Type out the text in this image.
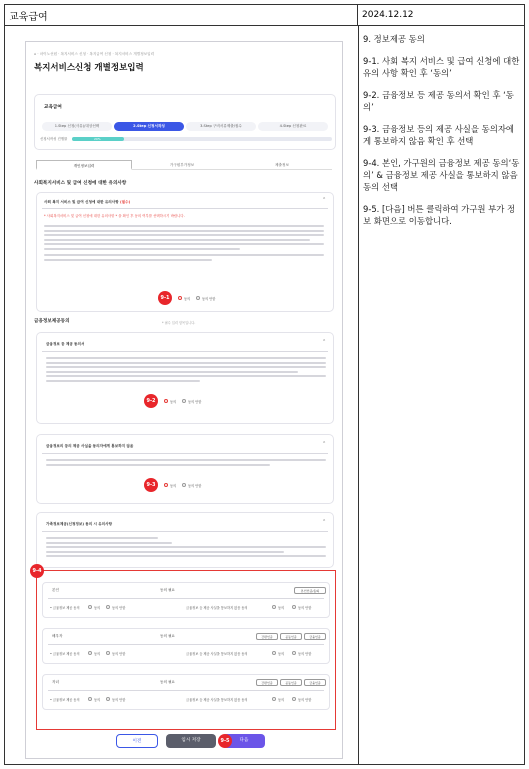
교육급여	2024.12.12

9. 정보제공 동의

9-1. 사회 복지 서비스 및 급여 신청에 대한 유의 사항 확인 후 ‘동의’

9-2. 금융정보 등 제공 동의서 확인 후 ‘동의’

9-3. 금융정보 등의 제공 사실을 동의자에게 통보하지 않음 확인 후 선택

9-4. 본인, 가구원의 금융정보 제공 동의‘동의’ & 금융정보 제공 사실을 통보하지 않음 동의 선택

9-5. [다음] 버튼 클릭하여 가구원 부가 정보 화면으로 이동합니다.

⌂ · 마이노선원 · 복지서비스 신청 · 복지급여 신청 · 복지서비스 개별정보입력
복지서비스신청 개별정보입력
교육급여
1.Step 신청(사유)/대상선택	2.Step 신청서작성	3.Step 구비서류제출/접수	4.Step 신청완료
신청서작성 진행률	20%
개인정보입력	가구원부가정보	제출정보
사회복지서비스 및 급여 신청에 대한 유의사항
사회 복지 서비스 및 급여 신청에 대한 유의사항 (필수)	⌃
* 사회복지서비스 및 급여 신청에 대한 유의사항 * 을 확인 후 동의 여부를 선택하시기 바랍니다.
9-1	동의	동의 안함
금융정보제공동의	* 필수 입력 항목입니다.
금융정보 등 제공 동의서	⌃
9-2	동의	동의 안함
금융정보의 등의 제공 사실을 동의자에게 통보하지 않음	⌃
9-3	동의	동의 안함
가족정보제공(신청정보) 동의 시 유의사항	⌃
9-4
본인	동의 필요	본인인증/동의
• 금융정보 제공 동의	동의	동의 안함	금융정보 등 제공 사실을 통보하지 않음 동의	동의	동의 안함
배우자	동의 필요	간편인증	공동인증	금융인증
• 금융정보 제공 동의	동의	동의 안함	금융정보 등 제공 사실을 통보하지 않음 동의	동의	동의 안함
자녀	동의 필요	간편인증	공동인증	금융인증
• 금융정보 제공 동의	동의	동의 안함	금융정보 등 제공 사실을 통보하지 않음 동의	동의	동의 안함
이전	임시 저장	다음
9-5
